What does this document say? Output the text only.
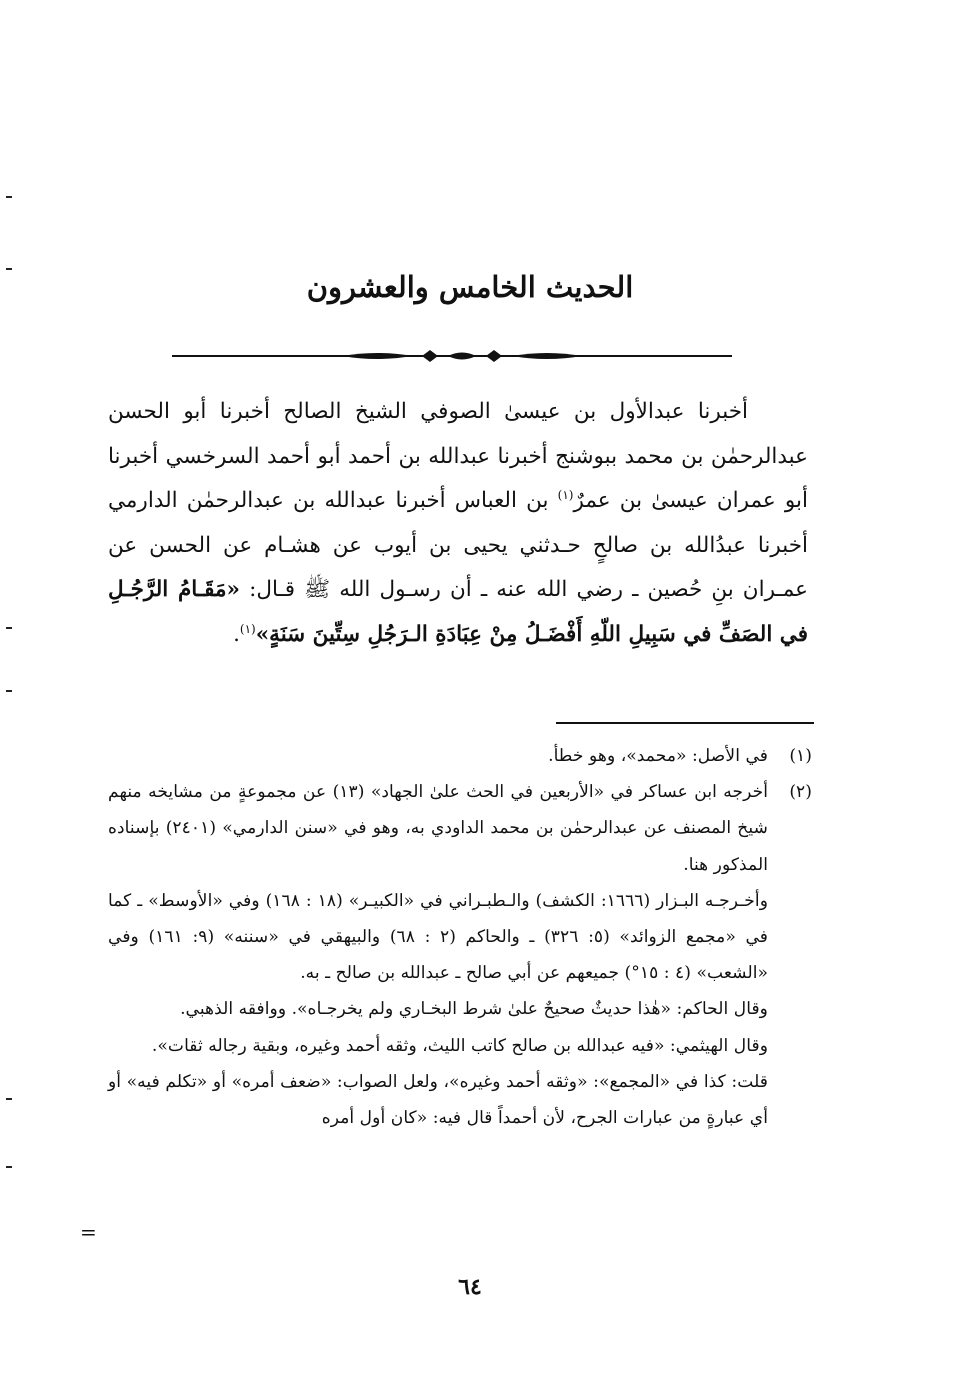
الحديث الخامس والعشرون

أخبرنا عبدالأول بن عيسىٰ الصوفي الشيخ الصالح أخبرنا أبو الحسن عبدالرحمٰن بن محمد ببوشنج أخبرنا عبدالله بن أحمد أبو أحمد السرخسي أخبرنا أبو عمران عيسىٰ بن عمرٌ$^{(١)}$ بن العباس أخبرنا عبدالله بن عبدالرحمٰن الدارمي أخبرنا عبدُالله بن صالحٍ حـدثني يحيى بن أيوب عن هشـام عن الحسن عن عمـران بنِ حُصين ـ رضي الله عنه ـ أن رسـول الله ﷺ قـال: «مَقَـامُ الرَّجُـلِ في الصَفِّ في سَبِيلِ اللّهِ أَفْضَـلُ مِنْ عِبَادَةِ الـرَجُلِ سِتِّينَ سَنَةٍ»$^{(١)}$.

(١)
في الأصل: «محمد»، وهو خطأ.
(٢)

أخرجه ابن عساكر في «الأربعين في الحث علىٰ الجهاد» (١٣) عن مجموعةٍ من مشايخه منهم شيخ المصنف عن عبدالرحمٰن بن محمد الداودي به، وهو في «سنن الدارمي» (٢٤٠١) بإسناده المذكور هنا.

وأخـرجـه البـزار (١٦٦٦: الكشف) والـطبـراني في «الكبيـر» (١٨ : ١٦٨) وفي «الأوسط» ـ كما في «مجمع الزوائد» (٥: ٣٢٦) ـ والحاكم (٢ : ٦٨) والبيهقي في «سننه» (٩: ١٦١) وفي «الشعب» (٤ : ١٥°) جميعهم عن أبي صالح ـ عبدالله بن صالح ـ به.

وقال الحاكم: «هٰذا حديثٌ صحيحٌ علىٰ شرط البخـاري ولم يخرجـاه». ووافقه الذهبي.

وقال الهيثمي: «فيه عبدالله بن صالح كاتب الليث، وثقه أحمد وغيره، وبقية رجاله ثقات».

قلت: كذا في «المجمع»: «وثقه أحمد وغيره»، ولعل الصواب: «ضعف أمره» أو «تكلم فيه» أو أي عبارةٍ من عبارات الجرح، لأن أحمداً قال فيه: «كان أول أمره

=
٦٤
